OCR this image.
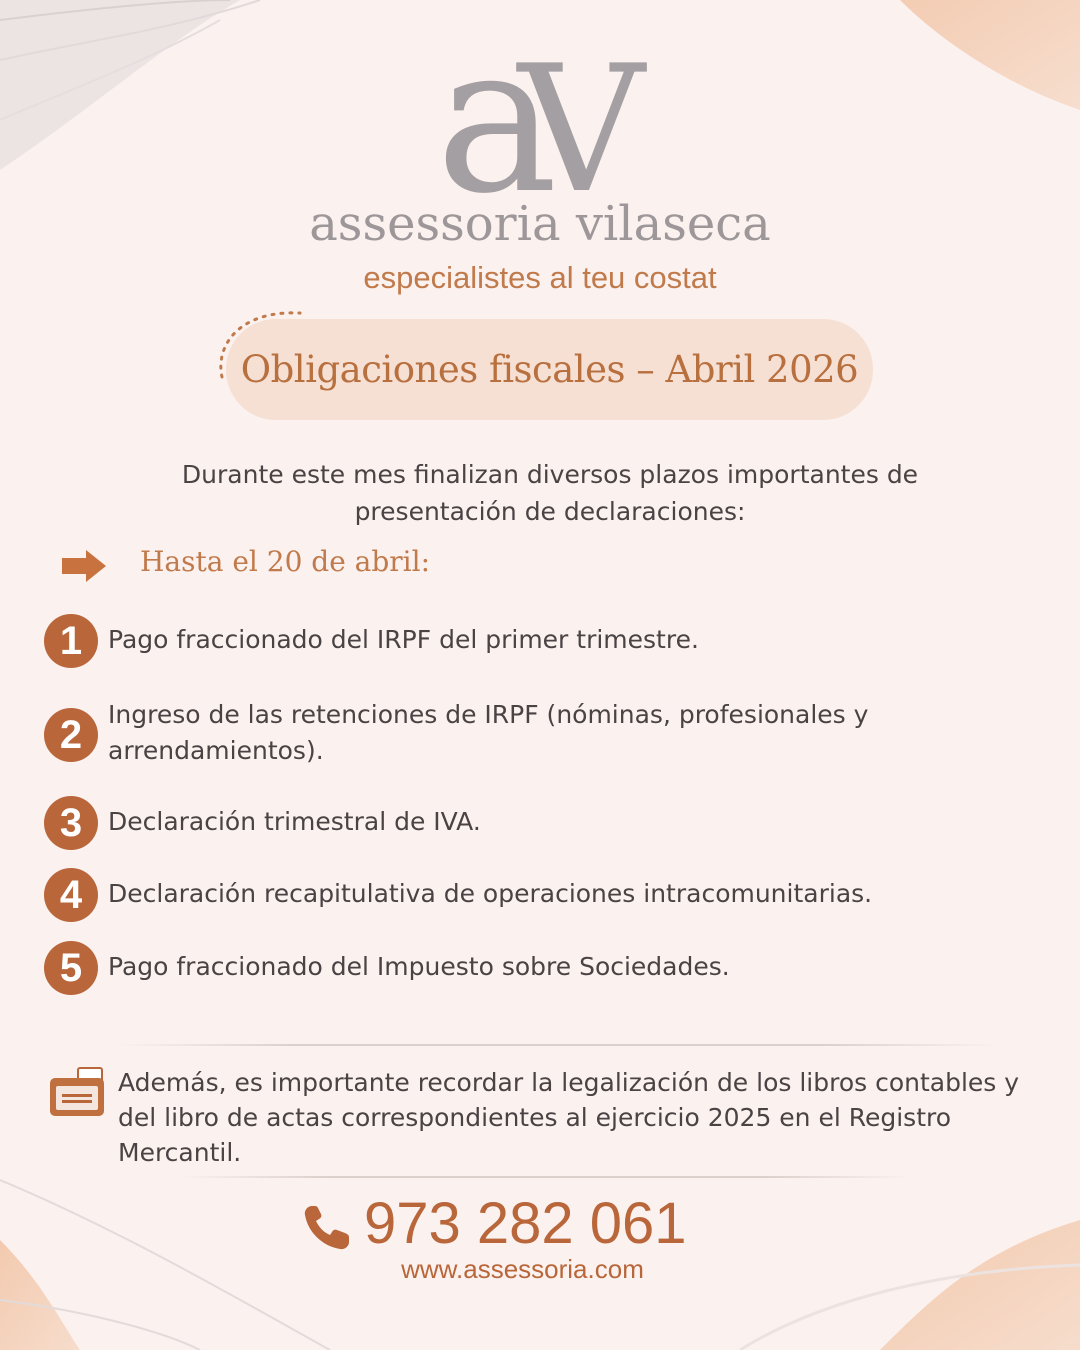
aV
assessoria vilaseca
especialistes al teu costat
Obligaciones fiscales – Abril 2026
Durante este mes finalizan diversos plazos importantes de presentación de declaraciones:
Hasta el 20 de abril:
1	Pago fraccionado del IRPF del primer trimestre.
2	Ingreso de las retenciones de IRPF (nóminas, profesionales y arrendamientos).
3	Declaración trimestral de IVA.
4	Declaración recapitulativa de operaciones intracomunitarias.
5	Pago fraccionado del Impuesto sobre Sociedades.
Además, es importante recordar la legalización de los libros contables y del libro de actas correspondientes al ejercicio 2025 en el Registro Mercantil.
973 282 061
www.assessoria.com
